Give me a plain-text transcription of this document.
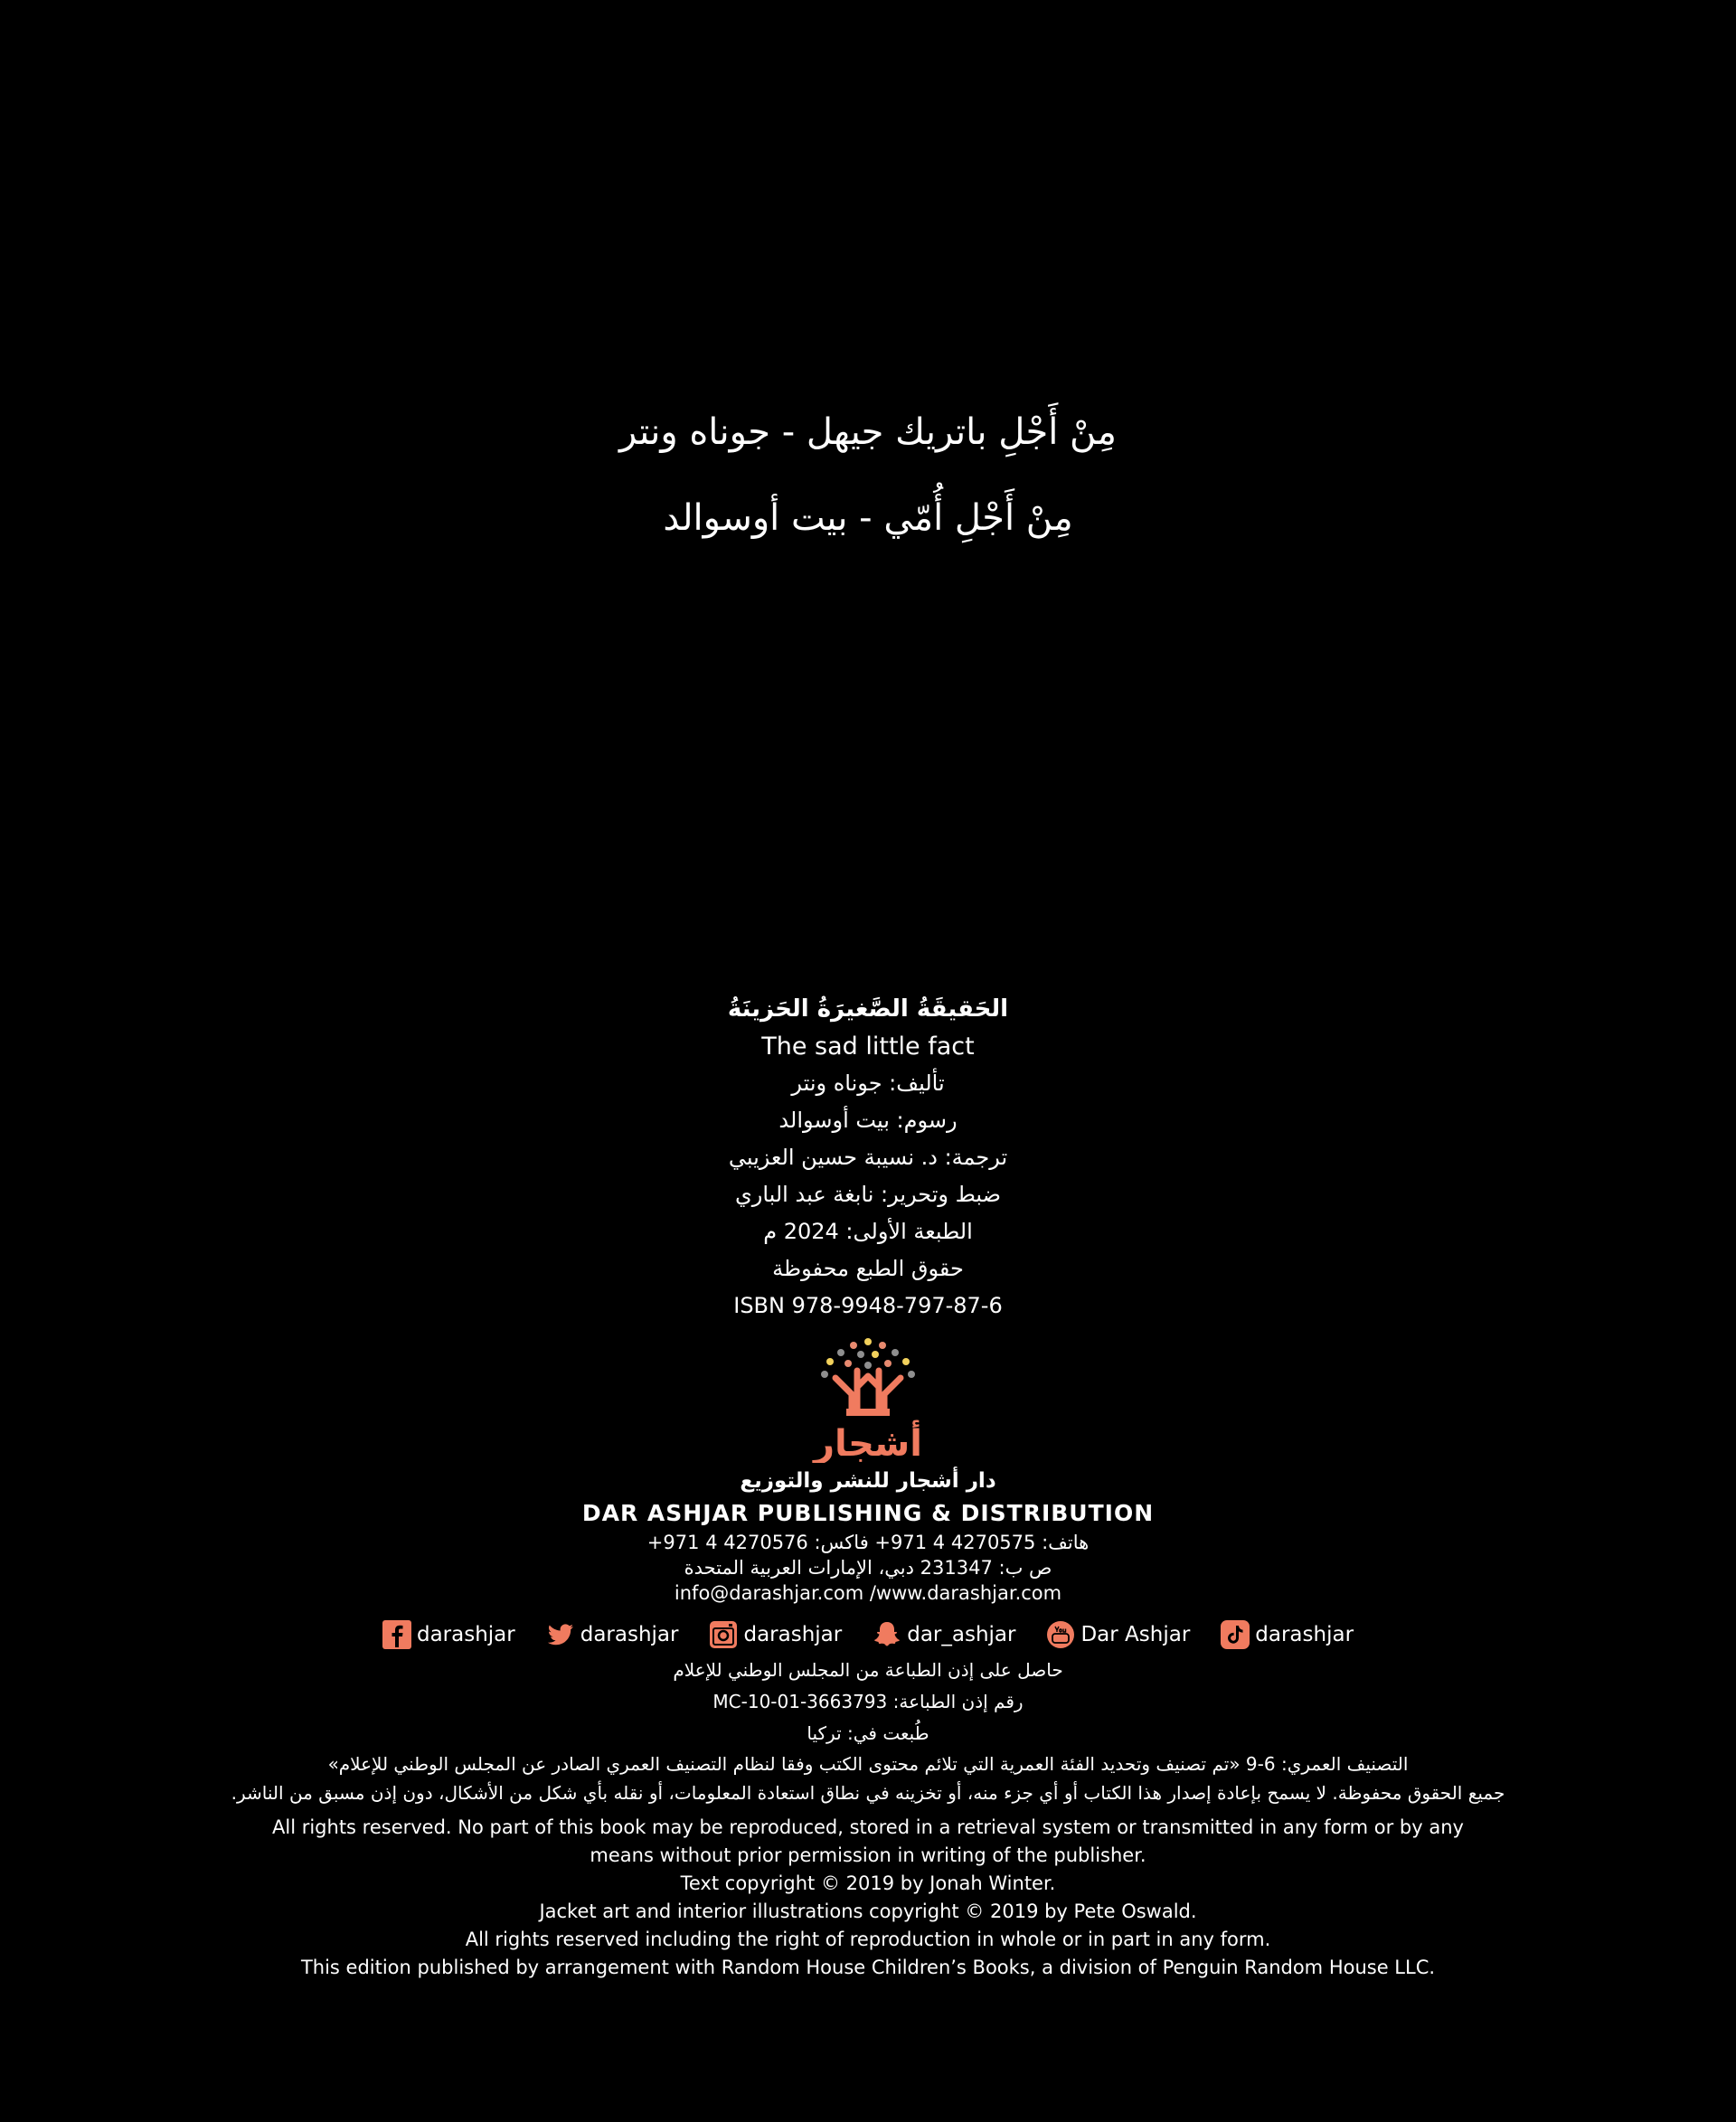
مِنْ أَجْلِ باتريك جيهل - جوناه ونتر
مِنْ أَجْلِ أُمّي - بيت أوسوالد
الحَقيقَةُ الصَّغيرَةُ الحَزينَةُ
The sad little fact
تأليف: جوناه ونتر
رسوم: بيت أوسوالد
ترجمة: د. نسيبة حسين العزيبي
ضبط وتحرير: نابغة عبد الباري
الطبعة الأولى: 2024 م
حقوق الطبع محفوظة
ISBN 978-9948-797-87-6
أشجار
دار أشجار للنشر والتوزيع
DAR ASHJAR PUBLISHING & DISTRIBUTION
هاتف: 4270575 4 971+ فاكس: 4270576 4 971+
ص ب: 231347 دبي، الإمارات العربية المتحدة
info@darashjar.com /www.darashjar.com
darashjar	darashjar	darashjar	dar_ashjar	Dar Ashjar	darashjar
حاصل على إذن الطباعة من المجلس الوطني للإعلام
رقم إذن الطباعة: MC-10-01-3663793
طُبعت في: تركيا
التصنيف العمري: 6-9 «تم تصنيف وتحديد الفئة العمرية التي تلائم محتوى الكتب وفقا لنظام التصنيف العمري الصادر عن المجلس الوطني للإعلام»
جميع الحقوق محفوظة. لا يسمح بإعادة إصدار هذا الكتاب أو أي جزء منه، أو تخزينه في نطاق استعادة المعلومات، أو نقله بأي شكل من الأشكال، دون إذن مسبق من الناشر.
All rights reserved. No part of this book may be reproduced, stored in a retrieval system or transmitted in any form or by any
means without prior permission in writing of the publisher.
Text copyright © 2019 by Jonah Winter.
Jacket art and interior illustrations copyright © 2019 by Pete Oswald.
All rights reserved including the right of reproduction in whole or in part in any form.
This edition published by arrangement with Random House Children’s Books, a division of Penguin Random House LLC.
